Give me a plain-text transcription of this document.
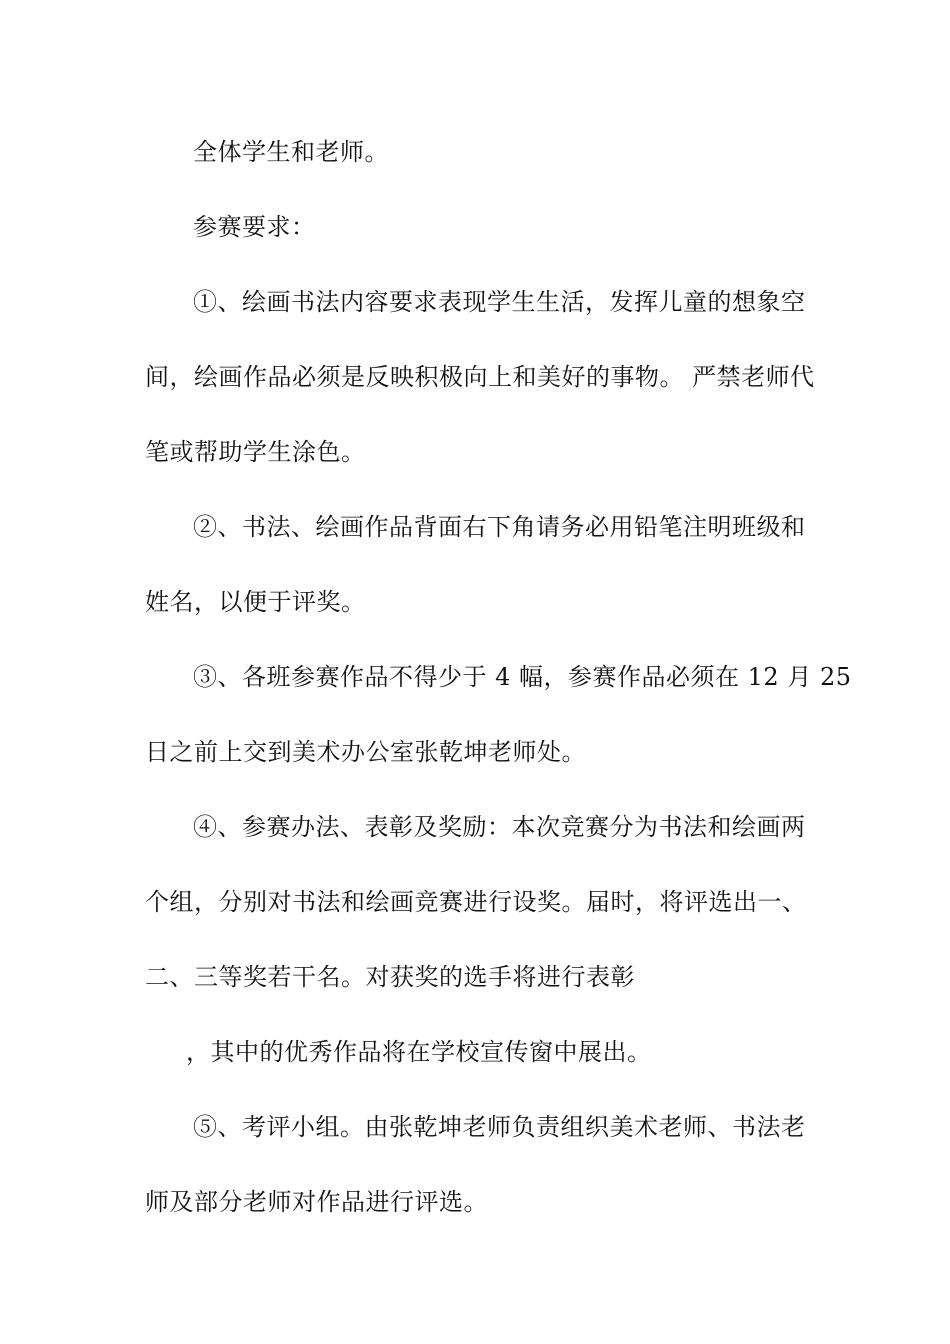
全体学生和老师。
参赛要求：
①、绘画书法内容要求表现学生生活，发挥儿童的想象空
间，绘画作品必须是反映积极向上和美好的事物。 严禁老师代
笔或帮助学生涂色。
②、书法、绘画作品背面右下角请务必用铅笔注明班级和
姓名，以便于评奖。
③、各班参赛作品不得少于 4 幅，参赛作品必须在 12 月 25
日之前上交到美术办公室张乾坤老师处。
④、参赛办法、表彰及奖励：本次竞赛分为书法和绘画两
个组，分别对书法和绘画竞赛进行设奖。届时，将评选出一、
二、三等奖若干名。对获奖的选手将进行表彰
，其中的优秀作品将在学校宣传窗中展出。
⑤、考评小组。由张乾坤老师负责组织美术老师、书法老
师及部分老师对作品进行评选。
